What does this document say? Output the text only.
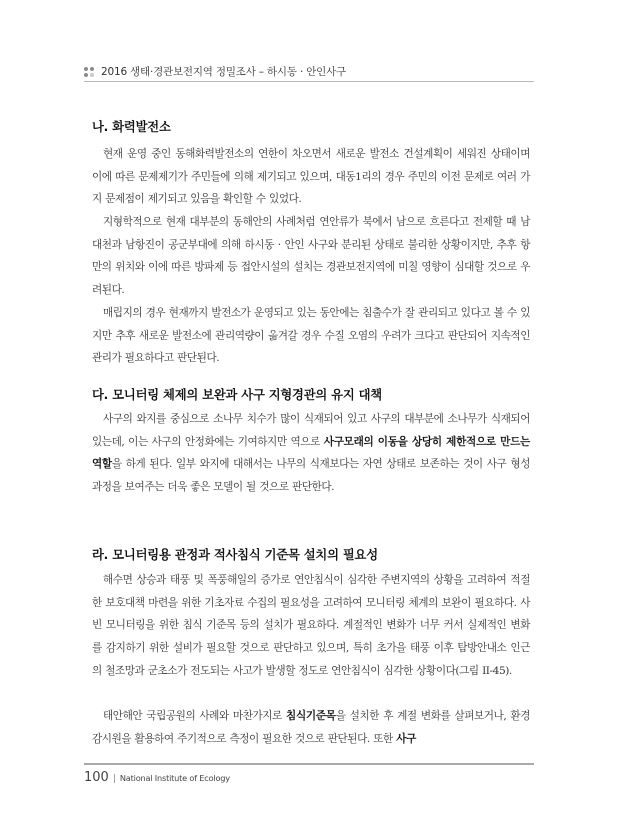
2016 생태·경관보전지역 정밀조사 – 하시동 · 안인사구
나. 화력발전소

현재 운영 중인 동해화력발전소의 연한이 차오면서 새로운 발전소 건설계획이 세워진 상태이며 이에 따른 문제제기가 주민들에 의해 제기되고 있으며, 대동1리의 경우 주민의 이전 문제로 여러 가지 문제점이 제기되고 있음을 확인할 수 있었다.

지형학적으로 현재 대부분의 동해안의 사례처럼 연안류가 북에서 남으로 흐른다고 전제할 때 남대천과 남항진이 공군부대에 의해 하시동 · 안인 사구와 분리된 상태로 불리한 상황이지만, 추후 항만의 위치와 이에 따른 방파제 등 접안시설의 설치는 경관보전지역에 미칠 영향이 심대할 것으로 우려된다.

매립지의 경우 현재까지 발전소가 운영되고 있는 동안에는 침출수가 잘 관리되고 있다고 볼 수 있지만 추후 새로운 발전소에 관리역량이 옮겨갈 경우 수질 오염의 우려가 크다고 판단되어 지속적인 관리가 필요하다고 판단된다.

다. 모니터링 체제의 보완과 사구 지형경관의 유지 대책

사구의 와지를 중심으로 소나무 치수가 많이 식재되어 있고 사구의 대부분에 소나무가 식재되어 있는데, 이는 사구의 안정화에는 기여하지만 역으로 사구모래의 이동을 상당히 제한적으로 만드는 역할을 하게 된다. 일부 와지에 대해서는 나무의 식재보다는 자연 상태로 보존하는 것이 사구 형성과정을 보여주는 더욱 좋은 모델이 될 것으로 판단한다.

라. 모니터링용 관정과 적사침식 기준목 설치의 필요성

해수면 상승과 태풍 및 폭풍해일의 증가로 연안침식이 심각한 주변지역의 상황을 고려하여 적절한 보호대책 마련을 위한 기초자료 수집의 필요성을 고려하여 모니터링 체계의 보완이 필요하다. 사빈 모니터링을 위한 침식 기준목 등의 설치가 필요하다. 계절적인 변화가 너무 커서 실제적인 변화를 감지하기 위한 설비가 필요할 것으로 판단하고 있으며, 특히 초가을 태풍 이후 탐방안내소 인근의 철조망과 군초소가 전도되는 사고가 발생할 정도로 연안침식이 심각한 상황이다(그림 II-45).

태안해안 국립공원의 사례와 마찬가지로 침식기준목을 설치한 후 계절 변화를 살펴보거나, 환경감시원을 활용하여 주기적으로 측정이 필요한 것으로 판단된다. 또한 사구

100 | National Institute of Ecology
